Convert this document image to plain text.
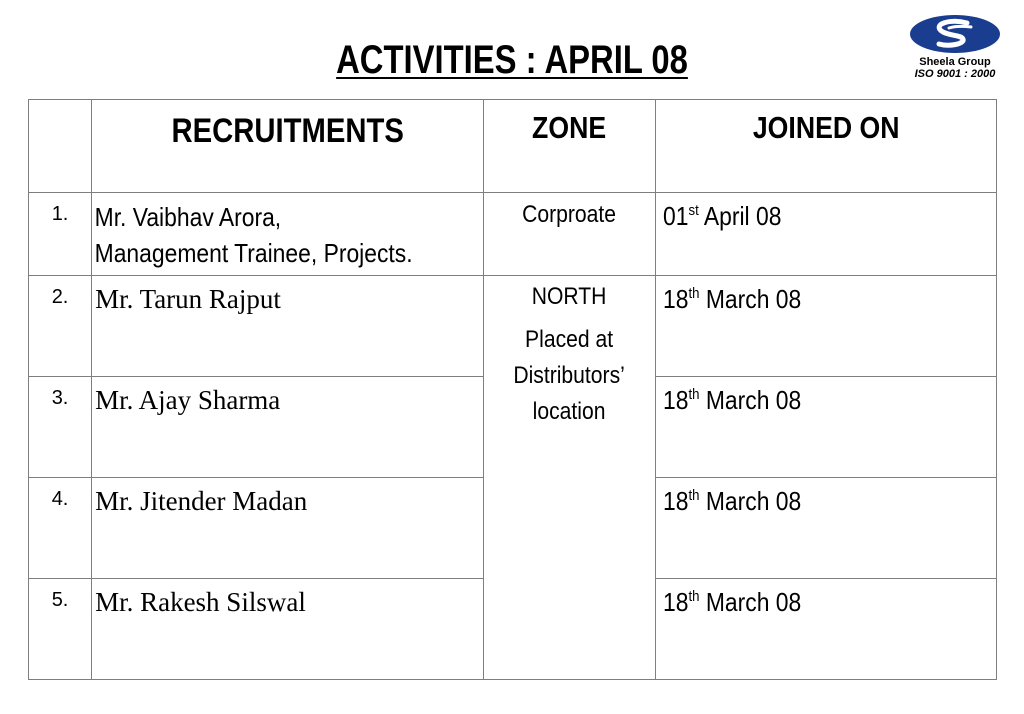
ACTIVITIES : APRIL 08	Sheela Group
ISO 9001 : 2000

	RECRUITMENTS	ZONE	JOINED ON

1.	Mr. Vaibhav Arora,
Management Trainee, Projects.	Corproate	01st April 08

2.	Mr. Tarun Rajput	NORTH
Placed at
Distributors’
location	18th March 08

3.	Mr. Ajay Sharma		18th March 08

4.	Mr. Jitender Madan		18th March 08

5.	Mr. Rakesh Silswal		18th March 08
